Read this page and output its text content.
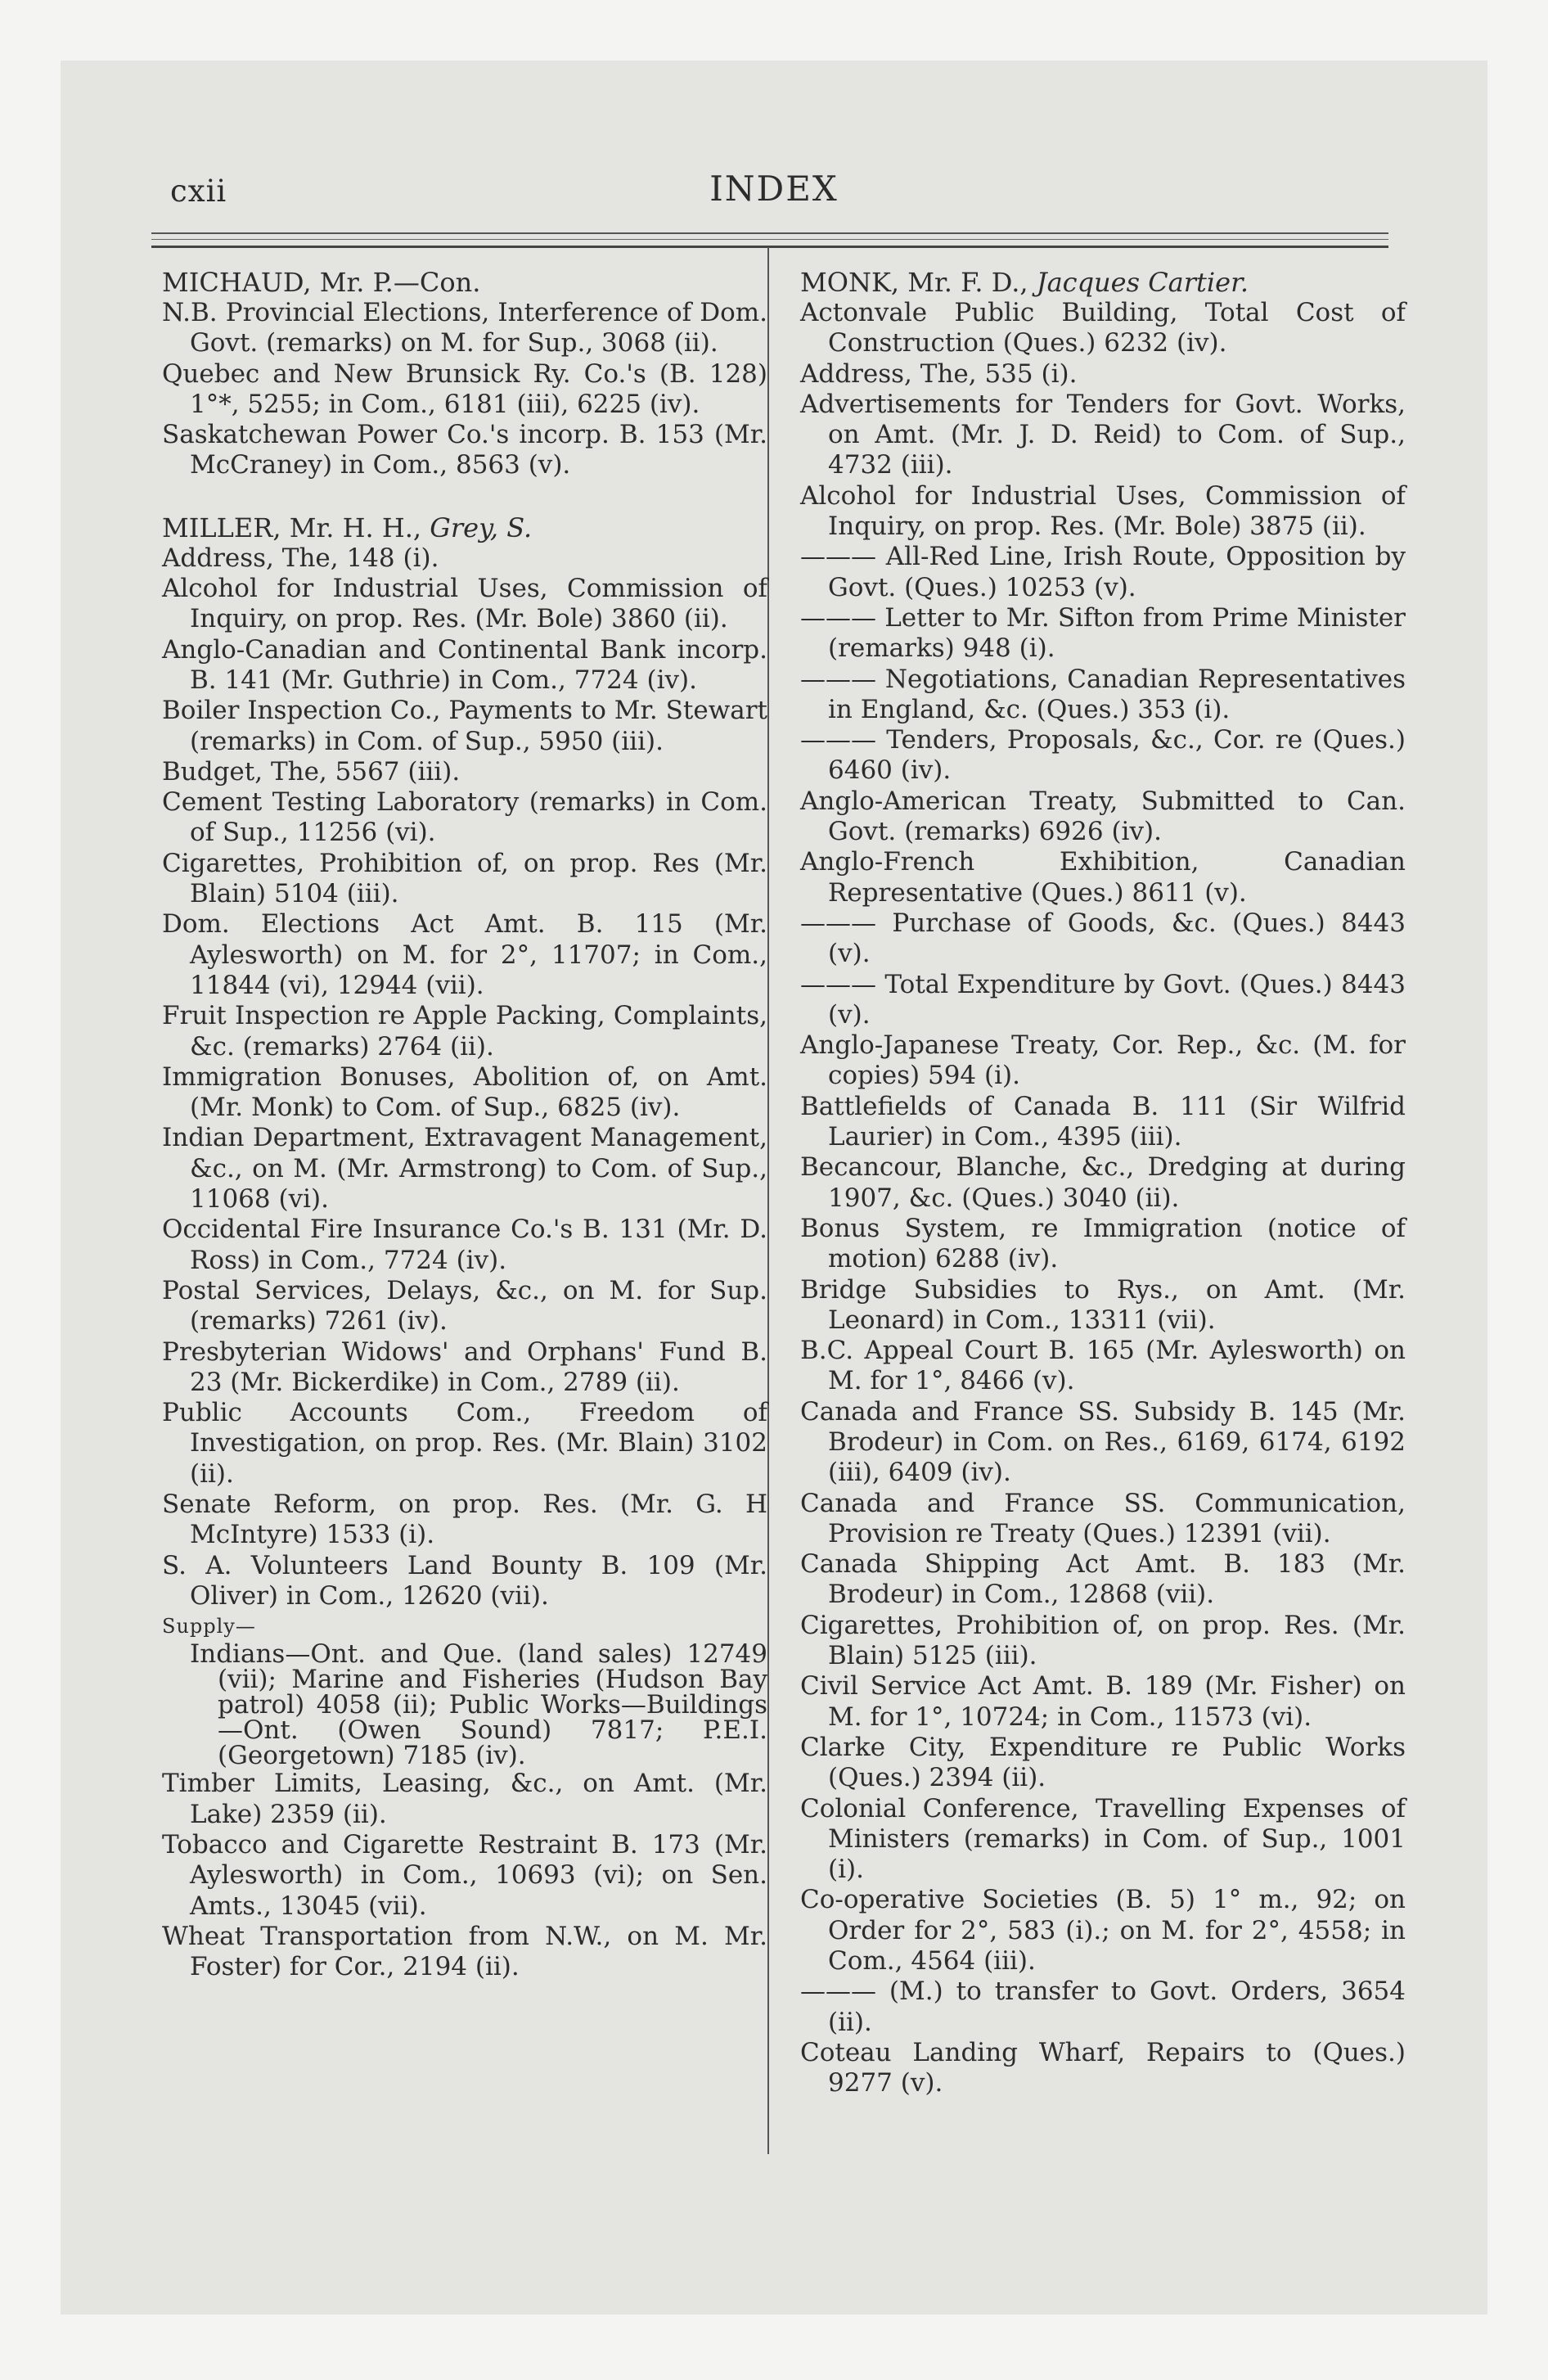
cxii	INDEX

MICHAUD, Mr. P.—Con.

N.B. Provincial Elections, Interference of Dom. Govt. (remarks) on M. for Sup., 3068 (ii).

Quebec and New Brunsick Ry. Co.'s (B. 128) 1°*, 5255; in Com., 6181 (iii), 6225 (iv).

Saskatchewan Power Co.'s incorp. B. 153 (Mr. McCraney) in Com., 8563 (v).

MILLER, Mr. H. H., Grey, S.

Address, The, 148 (i).

Alcohol for Industrial Uses, Commission of Inquiry, on prop. Res. (Mr. Bole) 3860 (ii).

Anglo-Canadian and Continental Bank incorp. B. 141 (Mr. Guthrie) in Com., 7724 (iv).

Boiler Inspection Co., Payments to Mr. Stewart (remarks) in Com. of Sup., 5950 (iii).

Budget, The, 5567 (iii).

Cement Testing Laboratory (remarks) in Com. of Sup., 11256 (vi).

Cigarettes, Prohibition of, on prop. Res (Mr. Blain) 5104 (iii).

Dom. Elections Act Amt. B. 115 (Mr. Aylesworth) on M. for 2°, 11707; in Com., 11844 (vi), 12944 (vii).

Fruit Inspection re Apple Packing, Complaints, &c. (remarks) 2764 (ii).

Immigration Bonuses, Abolition of, on Amt. (Mr. Monk) to Com. of Sup., 6825 (iv).

Indian Department, Extravagent Management, &c., on M. (Mr. Armstrong) to Com. of Sup., 11068 (vi).

Occidental Fire Insurance Co.'s B. 131 (Mr. D. Ross) in Com., 7724 (iv).

Postal Services, Delays, &c., on M. for Sup. (remarks) 7261 (iv).

Presbyterian Widows' and Orphans' Fund B. 23 (Mr. Bickerdike) in Com., 2789 (ii).

Public Accounts Com., Freedom of Investigation, on prop. Res. (Mr. Blain) 3102 (ii).

Senate Reform, on prop. Res. (Mr. G. H McIntyre) 1533 (i).

S. A. Volunteers Land Bounty B. 109 (Mr. Oliver) in Com., 12620 (vii).

Supply—

Indians—Ont. and Que. (land sales) 12749 (vii); Marine and Fisheries (Hudson Bay patrol) 4058 (ii); Public Works—Buildings—Ont. (Owen Sound) 7817; P.E.I. (Georgetown) 7185 (iv).

Timber Limits, Leasing, &c., on Amt. (Mr. Lake) 2359 (ii).

Tobacco and Cigarette Restraint B. 173 (Mr. Aylesworth) in Com., 10693 (vi); on Sen. Amts., 13045 (vii).

Wheat Transportation from N.W., on M. Mr. Foster) for Cor., 2194 (ii).

MONK, Mr. F. D., Jacques Cartier.

Actonvale Public Building, Total Cost of Construction (Ques.) 6232 (iv).

Address, The, 535 (i).

Advertisements for Tenders for Govt. Works, on Amt. (Mr. J. D. Reid) to Com. of Sup., 4732 (iii).

Alcohol for Industrial Uses, Commission of Inquiry, on prop. Res. (Mr. Bole) 3875 (ii).

——— All-Red Line, Irish Route, Opposition by Govt. (Ques.) 10253 (v).

——— Letter to Mr. Sifton from Prime Minister (remarks) 948 (i).

——— Negotiations, Canadian Representatives in England, &c. (Ques.) 353 (i).

——— Tenders, Proposals, &c., Cor. re (Ques.) 6460 (iv).

Anglo-American Treaty, Submitted to Can. Govt. (remarks) 6926 (iv).

Anglo-French Exhibition, Canadian Representative (Ques.) 8611 (v).

——— Purchase of Goods, &c. (Ques.) 8443 (v).

——— Total Expenditure by Govt. (Ques.) 8443 (v).

Anglo-Japanese Treaty, Cor. Rep., &c. (M. for copies) 594 (i).

Battlefields of Canada B. 111 (Sir Wilfrid Laurier) in Com., 4395 (iii).

Becancour, Blanche, &c., Dredging at during 1907, &c. (Ques.) 3040 (ii).

Bonus System, re Immigration (notice of motion) 6288 (iv).

Bridge Subsidies to Rys., on Amt. (Mr. Leonard) in Com., 13311 (vii).

B.C. Appeal Court B. 165 (Mr. Aylesworth) on M. for 1°, 8466 (v).

Canada and France SS. Subsidy B. 145 (Mr. Brodeur) in Com. on Res., 6169, 6174, 6192 (iii), 6409 (iv).

Canada and France SS. Communication, Provision re Treaty (Ques.) 12391 (vii).

Canada Shipping Act Amt. B. 183 (Mr. Brodeur) in Com., 12868 (vii).

Cigarettes, Prohibition of, on prop. Res. (Mr. Blain) 5125 (iii).

Civil Service Act Amt. B. 189 (Mr. Fisher) on M. for 1°, 10724; in Com., 11573 (vi).

Clarke City, Expenditure re Public Works (Ques.) 2394 (ii).

Colonial Conference, Travelling Expenses of Ministers (remarks) in Com. of Sup., 1001 (i).

Co-operative Societies (B. 5) 1° m., 92; on Order for 2°, 583 (i).; on M. for 2°, 4558; in Com., 4564 (iii).

——— (M.) to transfer to Govt. Orders, 3654 (ii).

Coteau Landing Wharf, Repairs to (Ques.) 9277 (v).
